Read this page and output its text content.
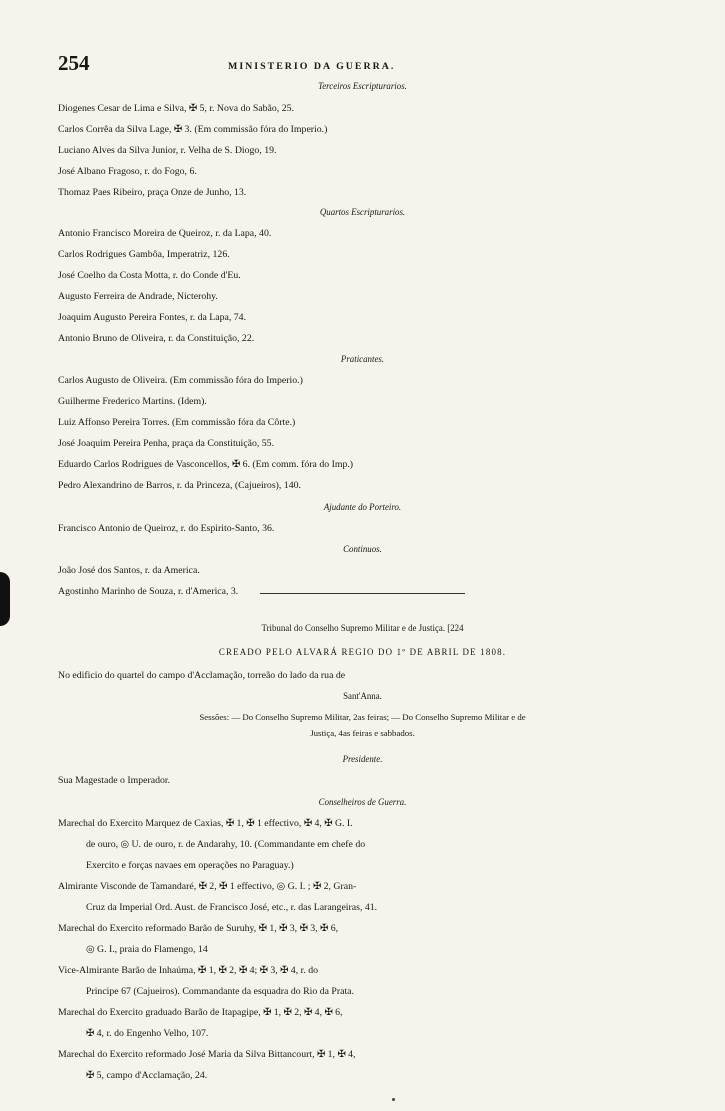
254	MINISTERIO DA GUERRA.
Terceiros Escripturarios.
Diogenes Cesar de Lima e Silva, ✠ 5, r. Nova do Sabão, 25.
Carlos Corrêa da Silva Lage, ✠ 3. (Em commissão fóra do Imperio.)
Luciano Alves da Silva Junior, r. Velha de S. Diogo, 19.
José Albano Fragoso, r. do Fogo, 6.
Thomaz Paes Ribeiro, praça Onze de Junho, 13.
Quartos Escripturarios.
Antonio Francisco Moreira de Queiroz, r. da Lapa, 40.
Carlos Rodrigues Gambôa, Imperatriz, 126.
José Coelho da Costa Motta, r. do Conde d'Eu.
Augusto Ferreira de Andrade, Nicterohy.
Joaquim Augusto Pereira Fontes, r. da Lapa, 74.
Antonio Bruno de Oliveira, r. da Constituição, 22.
Praticantes.
Carlos Augusto de Oliveira. (Em commissão fóra do Imperio.)
Guilherme Frederico Martins. (Idem).
Luiz Affonso Pereira Torres. (Em commissão fóra da Côrte.)
José Joaquim Pereira Penha, praça da Constituição, 55.
Eduardo Carlos Rodrigues de Vasconcellos, ✠ 6. (Em comm. fóra do Imp.)
Pedro Alexandrino de Barros, r. da Princeza, (Cajueiros), 140.
Ajudante do Porteiro.
Francisco Antonio de Queiroz, r. do Espirito-Santo, 36.
Continuos.
João José dos Santos, r. da America.
Agostinho Marinho de Souza, r. d'America, 3.
Tribunal do Conselho Supremo Militar e de Justiça. [224
CREADO PELO ALVARÁ REGIO DO 1º DE ABRIL DE 1808.
No edificio do quartel do campo d'Acclamação, torreão do lado da rua de
Sant'Anna.
Sessões: — Do Conselho Supremo Militar, 2as feiras; — Do Conselho Supremo Militar e de
Justiça, 4as feiras e sabbados.
Presidente.
Sua Magestade o Imperador.
Conselheiros de Guerra.
Marechal do Exercito Marquez de Caxias, ✠ 1, ✠ 1 effectivo, ✠ 4, ✠ G. I.
de ouro, ◎ U. de ouro, r. de Andarahy, 10. (Commandante em chefe do
Exercito e forças navaes em operações no Paraguay.)
Almirante Visconde de Tamandaré, ✠ 2, ✠ 1 effectivo, ◎ G. I. ; ✠ 2, Gran-
Cruz da Imperial Ord. Aust. de Francisco José, etc., r. das Larangeiras, 41.
Marechal do Exercito reformado Barão de Suruhy, ✠ 1, ✠ 3, ✠ 3, ✠ 6,
◎ G. I., praia do Flamengo, 14
Vice-Almirante Barão de Inhaúma, ✠ 1, ✠ 2, ✠ 4; ✠ 3, ✠ 4, r. do
Principe 67 (Cajueiros). Commandante da esquadra do Rio da Prata.
Marechal do Exercito graduado Barão de Itapagipe, ✠ 1, ✠ 2, ✠ 4, ✠ 6,
✠ 4, r. do Engenho Velho, 107.
Marechal do Exercito reformado José Maria da Silva Bittancourt, ✠ 1, ✠ 4,
✠ 5, campo d'Acclamação, 24.
